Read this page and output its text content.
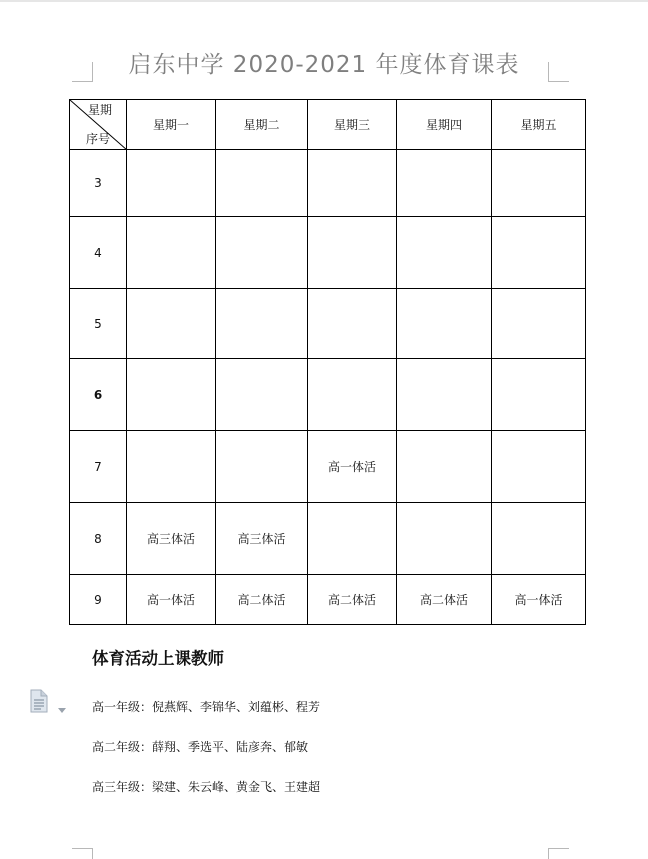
启东中学 2020-2021 年度体育课表
星期
序号	星期一	星期二	星期三	星期四	星期五
3					
4					
5					
6					
7			高一体活		
8	高三体活	高三体活			
9	高一体活	高二体活	高二体活	高二体活	高一体活
体育活动上课教师
高一年级：倪燕辉、李锦华、刘蕴彬、程芳
高二年级：薛翔、季选平、陆彦奔、郁敏
高三年级：梁建、朱云峰、黄金飞、王建超
